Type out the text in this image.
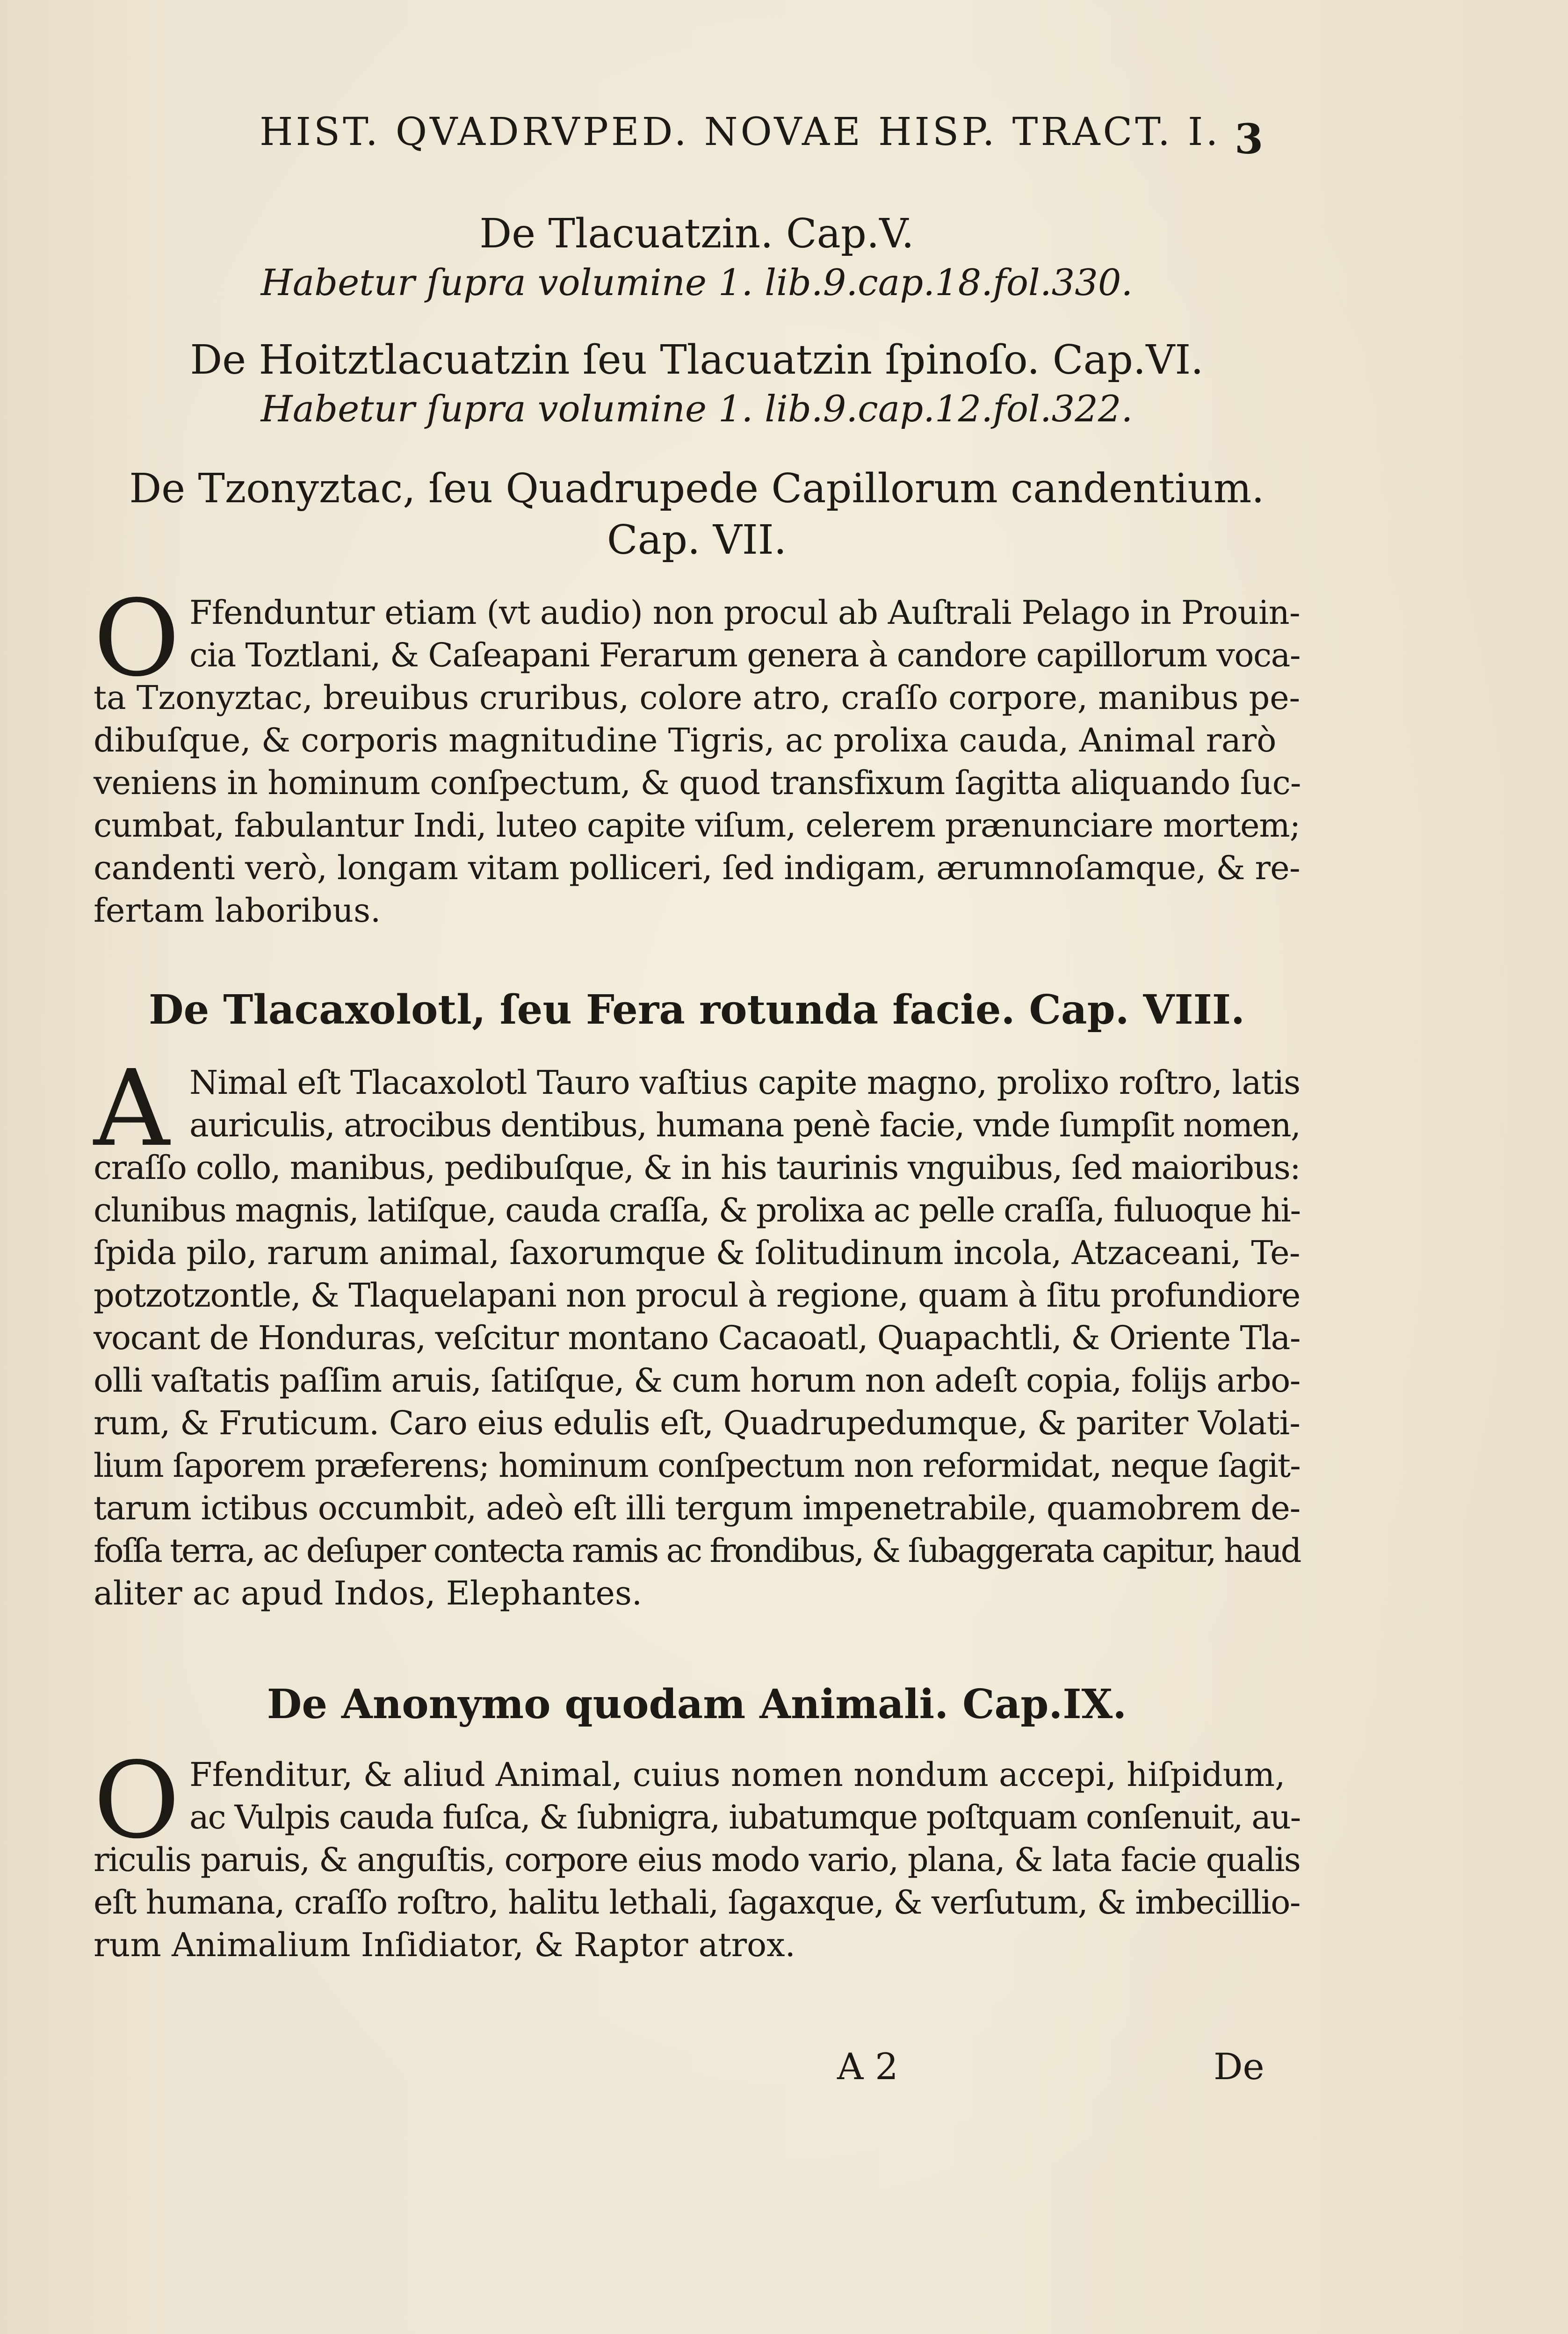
HIST. QVADRVPED. NOVAE HISP. TRACT. I. 3
De Tlacuatzin. Cap.V.
Habetur ſupra volumine 1. lib.9.cap.18.fol.330.
De Hoitztlacuatzin ſeu Tlacuatzin ſpinoſo. Cap.VI.
Habetur ſupra volumine 1. lib.9.cap.12.fol.322.
De Tzonyztac, ſeu Quadrupede Capillorum candentium.
Cap. VII.
O Ffenduntur etiam (vt audio) non procul ab Auſtrali Pelago in Prouin-
cia Toztlani, & Caſeapani Ferarum genera à candore capillorum voca-
ta Tzonyztac, breuibus cruribus, colore atro, craſſo corpore, manibus pe-
dibuſque, & corporis magnitudine Tigris, ac prolixa cauda, Animal rarò
veniens in hominum conſpectum, & quod transfixum ſagitta aliquando ſuc-
cumbat, fabulantur Indi, luteo capite viſum, celerem prænunciare mortem;
candenti verò, longam vitam polliceri, ſed indigam, ærumnoſamque, & re-
fertam laboribus.
De Tlacaxolotl, ſeu Fera rotunda facie. Cap. VIII.
A Nimal eſt Tlacaxolotl Tauro vaſtius capite magno, prolixo roſtro, latis
auriculis, atrocibus dentibus, humana penè facie, vnde ſumpſit nomen,
craſſo collo, manibus, pedibuſque, & in his taurinis vnguibus, ſed maioribus:
clunibus magnis, latiſque, cauda craſſa, & prolixa ac pelle craſſa, fuluoque hi-
ſpida pilo, rarum animal, ſaxorumque & ſolitudinum incola, Atzaceani, Te-
potzotzontle, & Tlaquelapani non procul à regione, quam à ſitu profundiore
vocant de Honduras, veſcitur montano Cacaoatl, Quapachtli, & Oriente Tla-
olli vaſtatis paſſim aruis, ſatiſque, & cum horum non adeſt copia, folijs arbo-
rum, & Fruticum. Caro eius edulis eſt, Quadrupedumque, & pariter Volati-
lium ſaporem præferens; hominum conſpectum non reformidat, neque ſagit-
tarum ictibus occumbit, adeò eſt illi tergum impenetrabile, quamobrem de-
foſſa terra, ac deſuper contecta ramis ac frondibus, & ſubaggerata capitur, haud
aliter ac apud Indos, Elephantes.
De Anonymo quodam Animali. Cap.IX.
O Ffenditur, & aliud Animal, cuius nomen nondum accepi, hiſpidum,
ac Vulpis cauda fuſca, & ſubnigra, iubatumque poſtquam conſenuit, au-
riculis paruis, & anguſtis, corpore eius modo vario, plana, & lata facie qualis
eſt humana, craſſo roſtro, halitu lethali, ſagaxque, & verſutum, & imbecillio-
rum Animalium Inſidiator, & Raptor atrox.
A 2	De
